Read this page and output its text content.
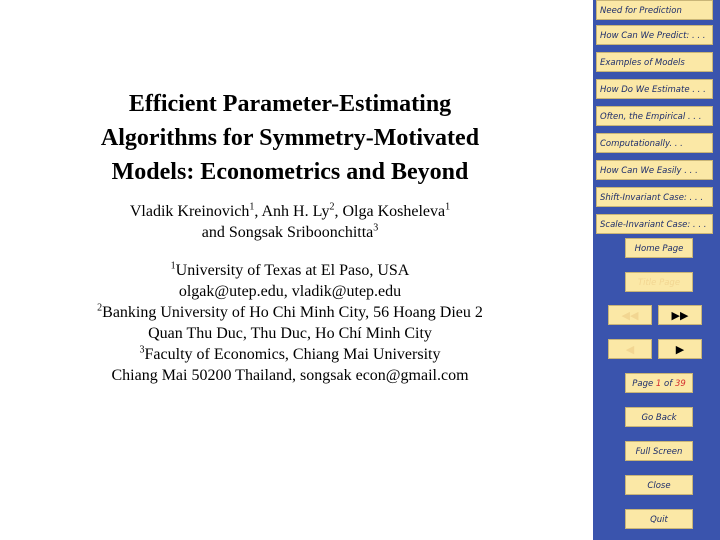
Efficient Parameter-Estimating
Algorithms for Symmetry-Motivated
Models: Econometrics and Beyond
Vladik Kreinovich$^1$, Anh H. Ly$^2$, Olga Kosheleva$^1$
and Songsak Sriboonchitta$^3$
$^1$University of Texas at El Paso, USA
olgak@utep.edu, vladik@utep.edu
$^2$Banking University of Ho Chi Minh City, 56 Hoang Dieu 2
Quan Thu Duc, Thu Duc, Ho Chí Minh City
$^3$Faculty of Economics, Chiang Mai University
Chiang Mai 50200 Thailand, songsak econ@gmail.com
Need for Prediction
How Can We Predict: . . .
Examples of Models
How Do We Estimate . . .
Often, the Empirical . . .
Computationally. . .
How Can We Easily . . .
Shift-Invariant Case: . . .
Scale-Invariant Case: . . .
Home Page
Title Page
◀◀	▶▶
◀	▶
Page 1 of 39
Go Back
Full Screen
Close
Quit
